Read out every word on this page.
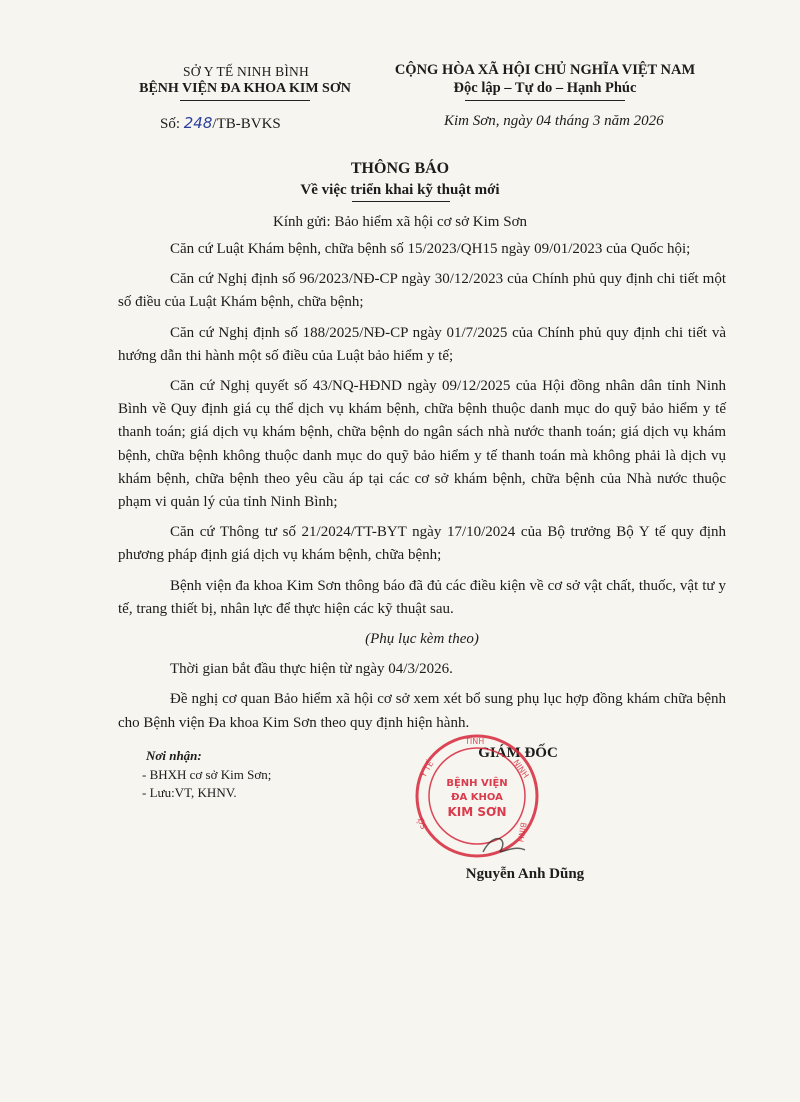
SỞ Y TẾ NINH BÌNH
BỆNH VIỆN ĐA KHOA KIM SƠN
CỘNG HÒA XÃ HỘI CHỦ NGHĨA VIỆT NAM
Độc lập – Tự do – Hạnh Phúc
Số: 248/TB-BVKS	Kim Sơn, ngày 04 tháng 3 năm 2026
THÔNG BÁO
Về việc triển khai kỹ thuật mới
Kính gửi: Bảo hiểm xã hội cơ sở Kim Sơn

Căn cứ Luật Khám bệnh, chữa bệnh số 15/2023/QH15 ngày 09/01/2023 của Quốc hội;

Căn cứ Nghị định số 96/2023/NĐ-CP ngày 30/12/2023 của Chính phủ quy định chi tiết một số điều của Luật Khám bệnh, chữa bệnh;

Căn cứ Nghị định số 188/2025/NĐ-CP ngày 01/7/2025 của Chính phủ quy định chi tiết và hướng dẫn thi hành một số điều của Luật bảo hiểm y tế;

Căn cứ Nghị quyết số 43/NQ-HĐND ngày 09/12/2025 của Hội đồng nhân dân tỉnh Ninh Bình về Quy định giá cụ thể dịch vụ khám bệnh, chữa bệnh thuộc danh mục do quỹ bảo hiểm y tế thanh toán; giá dịch vụ khám bệnh, chữa bệnh do ngân sách nhà nước thanh toán; giá dịch vụ khám bệnh, chữa bệnh không thuộc danh mục do quỹ bảo hiểm y tế thanh toán mà không phải là dịch vụ khám bệnh, chữa bệnh theo yêu cầu áp tại các cơ sở khám bệnh, chữa bệnh của Nhà nước thuộc phạm vi quản lý của tỉnh Ninh Bình;

Căn cứ Thông tư số 21/2024/TT-BYT ngày 17/10/2024 của Bộ trưởng Bộ Y tế quy định phương pháp định giá dịch vụ khám bệnh, chữa bệnh;

Bệnh viện đa khoa Kim Sơn thông báo đã đủ các điều kiện về cơ sở vật chất, thuốc, vật tư y tế, trang thiết bị, nhân lực để thực hiện các kỹ thuật sau.

(Phụ lục kèm theo)

Thời gian bắt đầu thực hiện từ ngày 04/3/2026.

Đề nghị cơ quan Bảo hiểm xã hội cơ sở xem xét bổ sung phụ lục hợp đồng khám chữa bệnh cho Bệnh viện Đa khoa Kim Sơn theo quy định hiện hành.

Nơi nhận:
- BHXH cơ sở Kim Sơn;
- Lưu:VT, KHNV.
GIÁM ĐỐC
TỈNH
NINH
BÌNH
Y TẾ
SỞ
BỆNH VIỆN
ĐA KHOA
KIM SƠN
Nguyễn Anh Dũng
